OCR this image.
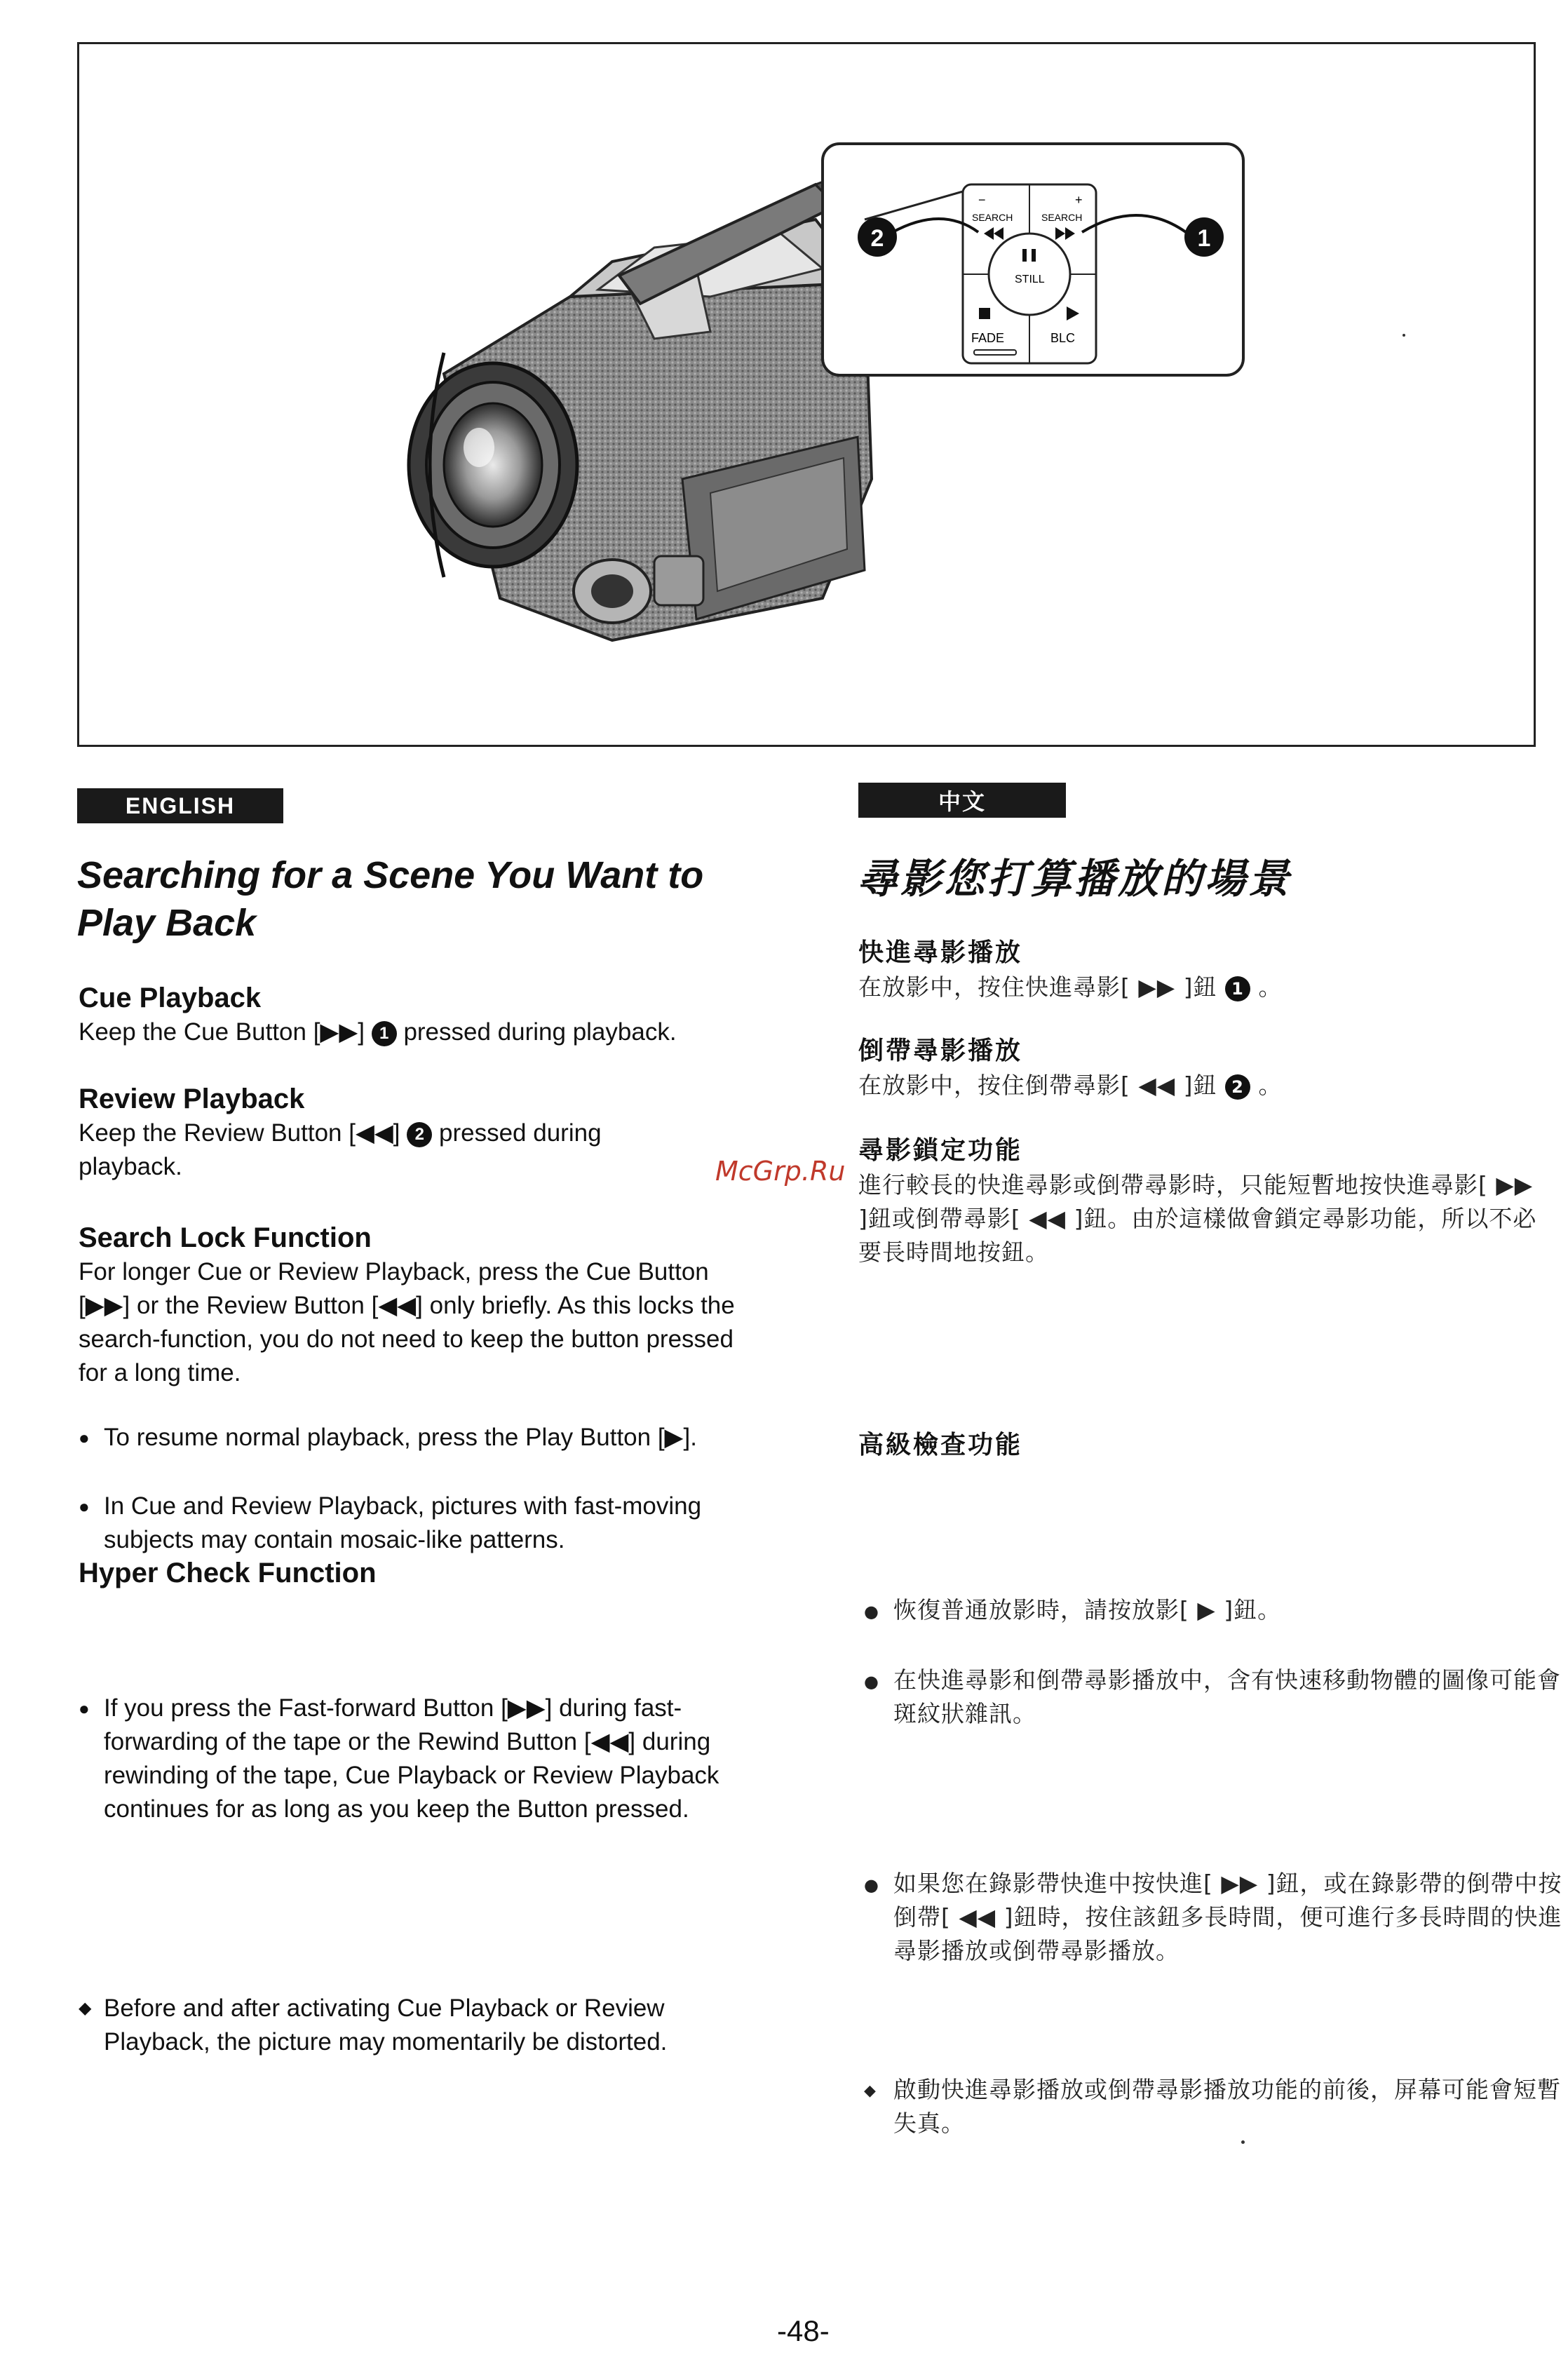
−	+
SEARCH	SEARCH
STILL
FADE	BLC
2	1
ENGLISH
Searching for a Scene You Want to Play Back
Cue Playback
Keep the Cue Button [▶▶] 1 pressed during playback.
Review Playback
Keep the Review Button [◀◀] 2 pressed during playback.
Search Lock Function
For longer Cue or Review Playback, press the Cue Button [▶▶] or the Review Button [◀◀] only briefly. As this locks the search-function, you do not need to keep the button pressed for a long time.
● To resume normal playback, press the Play Button [▶].
● In Cue and Review Playback, pictures with fast-moving subjects may contain mosaic-like patterns.
Hyper Check Function
● If you press the Fast-forward Button [▶▶] during fast-forwarding of the tape or the Rewind Button [◀◀] during rewinding of the tape, Cue Playback or Review Playback continues for as long as you keep the Button pressed.
◆ Before and after activating Cue Playback or Review Playback, the picture may momentarily be distorted.
中文
尋影您打算播放的場景
快進尋影播放
在放影中，按住快進尋影[ ▶▶ ]鈕 1 。
倒帶尋影播放
在放影中，按住倒帶尋影[ ◀◀ ]鈕 2 。
尋影鎖定功能
進行較長的快進尋影或倒帶尋影時，只能短暫地按快進尋影[ ▶▶ ]鈕或倒帶尋影[ ◀◀ ]鈕。由於這樣做會鎖定尋影功能，所以不必要長時間地按鈕。
● 恢復普通放影時，請按放影[ ▶ ]鈕。
● 在快進尋影和倒帶尋影播放中，含有快速移動物體的圖像可能會斑紋狀雜訊。
高級檢查功能
● 如果您在錄影帶快進中按快進[ ▶▶ ]鈕，或在錄影帶的倒帶中按倒帶[ ◀◀ ]鈕時，按住該鈕多長時間，便可進行多長時間的快進尋影播放或倒帶尋影播放。
◆ 啟動快進尋影播放或倒帶尋影播放功能的前後，屏幕可能會短暫失真。
McGrp.Ru
-48-
